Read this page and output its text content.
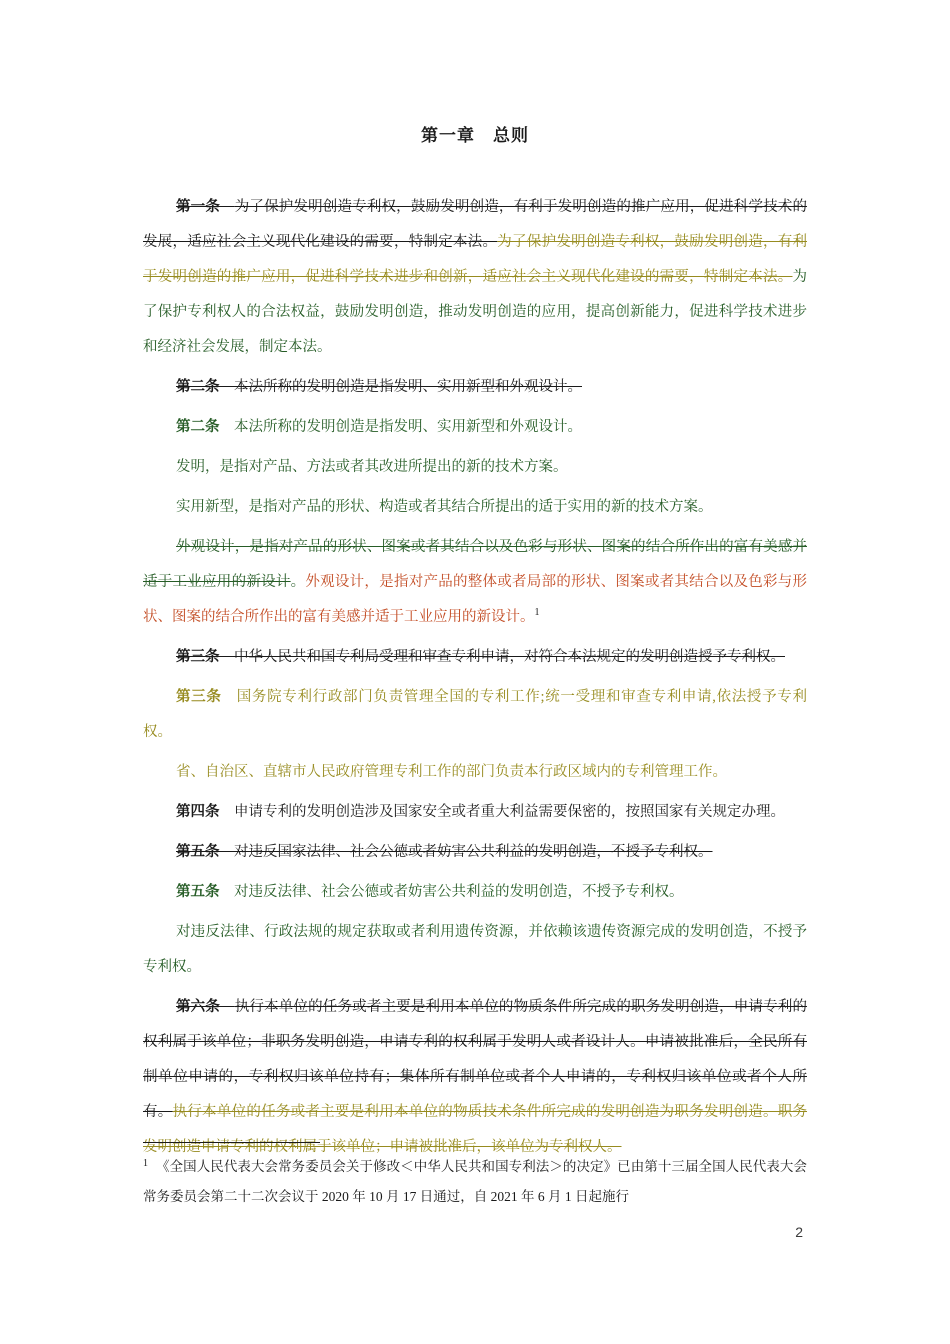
第一章　总则

第一条　为了保护发明创造专利权，鼓励发明创造，有利于发明创造的推广应用，促进科学技术的发展，适应社会主义现代化建设的需要，特制定本法。为了保护发明创造专利权，鼓励发明创造，有利于发明创造的推广应用，促进科学技术进步和创新，适应社会主义现代化建设的需要，特制定本法。为了保护专利权人的合法权益，鼓励发明创造，推动发明创造的应用，提高创新能力，促进科学技术进步和经济社会发展，制定本法。

第二条　本法所称的发明创造是指发明、实用新型和外观设计。

第二条　本法所称的发明创造是指发明、实用新型和外观设计。

发明，是指对产品、方法或者其改进所提出的新的技术方案。

实用新型，是指对产品的形状、构造或者其结合所提出的适于实用的新的技术方案。

外观设计，是指对产品的形状、图案或者其结合以及色彩与形状、图案的结合所作出的富有美感并适于工业应用的新设计。外观设计，是指对产品的整体或者局部的形状、图案或者其结合以及色彩与形状、图案的结合所作出的富有美感并适于工业应用的新设计。$^1$

第三条　中华人民共和国专利局受理和审查专利申请，对符合本法规定的发明创造授予专利权。

第三条　国务院专利行政部门负责管理全国的专利工作;统一受理和审查专利申请,依法授予专利权。

省、自治区、直辖市人民政府管理专利工作的部门负责本行政区域内的专利管理工作。

第四条　申请专利的发明创造涉及国家安全或者重大利益需要保密的，按照国家有关规定办理。

第五条　对违反国家法律、社会公德或者妨害公共利益的发明创造，不授予专利权。

第五条　对违反法律、社会公德或者妨害公共利益的发明创造，不授予专利权。

对违反法律、行政法规的规定获取或者利用遗传资源，并依赖该遗传资源完成的发明创造，不授予专利权。

第六条　执行本单位的任务或者主要是利用本单位的物质条件所完成的职务发明创造，申请专利的权利属于该单位；非职务发明创造，申请专利的权利属于发明人或者设计人。申请被批准后，全民所有制单位申请的，专利权归该单位持有；集体所有制单位或者个人申请的，专利权归该单位或者个人所有。执行本单位的任务或者主要是利用本单位的物质技术条件所完成的发明创造为职务发明创造。职务发明创造申请专利的权利属于该单位；申请被批准后，该单位为专利权人。

$^1$ 《全国人民代表大会常务委员会关于修改＜中华人民共和国专利法＞的决定》已由第十三届全国人民代表大会常务委员会第二十二次会议于 2020 年 10 月 17 日通过，自 2021 年 6 月 1 日起施行

2
